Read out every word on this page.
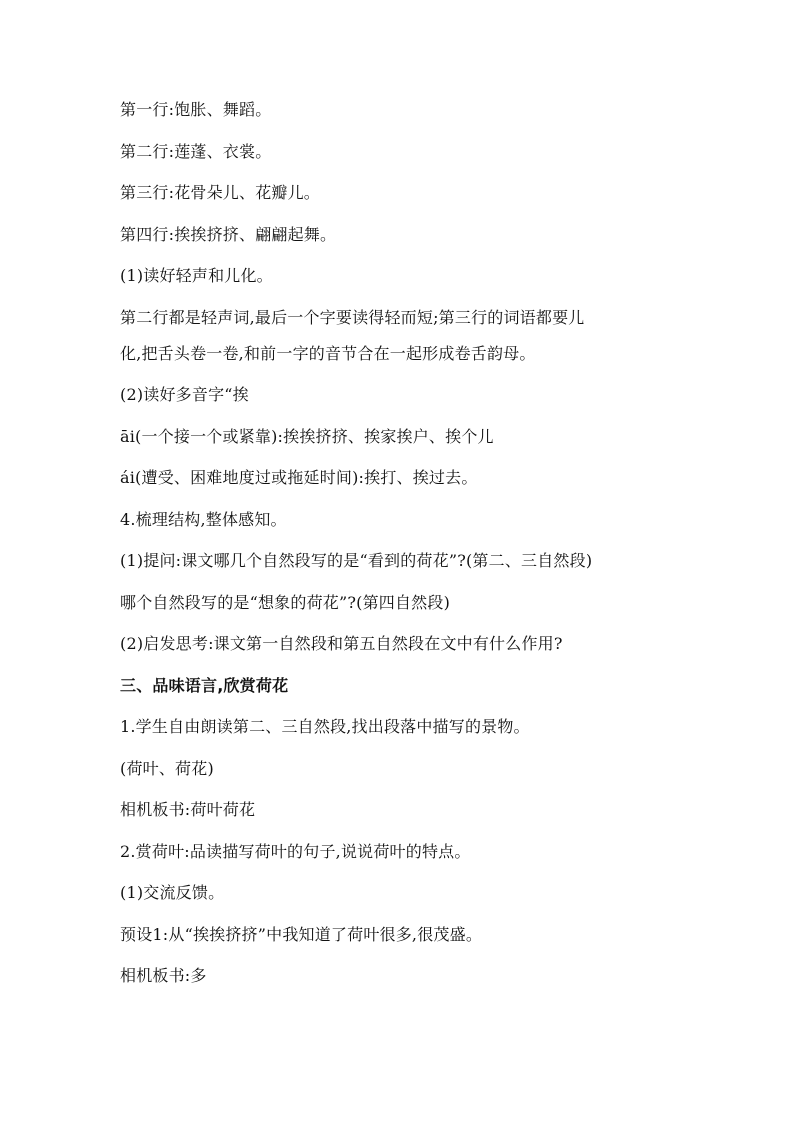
第一行:饱胀、舞蹈。
第二行:莲蓬、衣裳。
第三行:花骨朵儿、花瓣儿。
第四行:挨挨挤挤、翩翩起舞。
(1)读好轻声和儿化。
第二行都是轻声词,最后一个字要读得轻而短;第三行的词语都要儿
化,把舌头卷一卷,和前一字的音节合在一起形成卷舌韵母。
(2)读好多音字“挨
āi(一个接一个或紧靠):挨挨挤挤、挨家挨户、挨个儿
ái(遭受、困难地度过或拖延时间):挨打、挨过去。
4.梳理结构,整体感知。
(1)提问:课文哪几个自然段写的是“看到的荷花”?(第二、三自然段)
哪个自然段写的是“想象的荷花”?(第四自然段)
(2)启发思考:课文第一自然段和第五自然段在文中有什么作用?
三、品味语言,欣赏荷花
1.学生自由朗读第二、三自然段,找出段落中描写的景物。
(荷叶、荷花)
相机板书:荷叶荷花
2.赏荷叶:品读描写荷叶的句子,说说荷叶的特点。
(1)交流反馈。
预设1:从“挨挨挤挤”中我知道了荷叶很多,很茂盛。
相机板书:多
